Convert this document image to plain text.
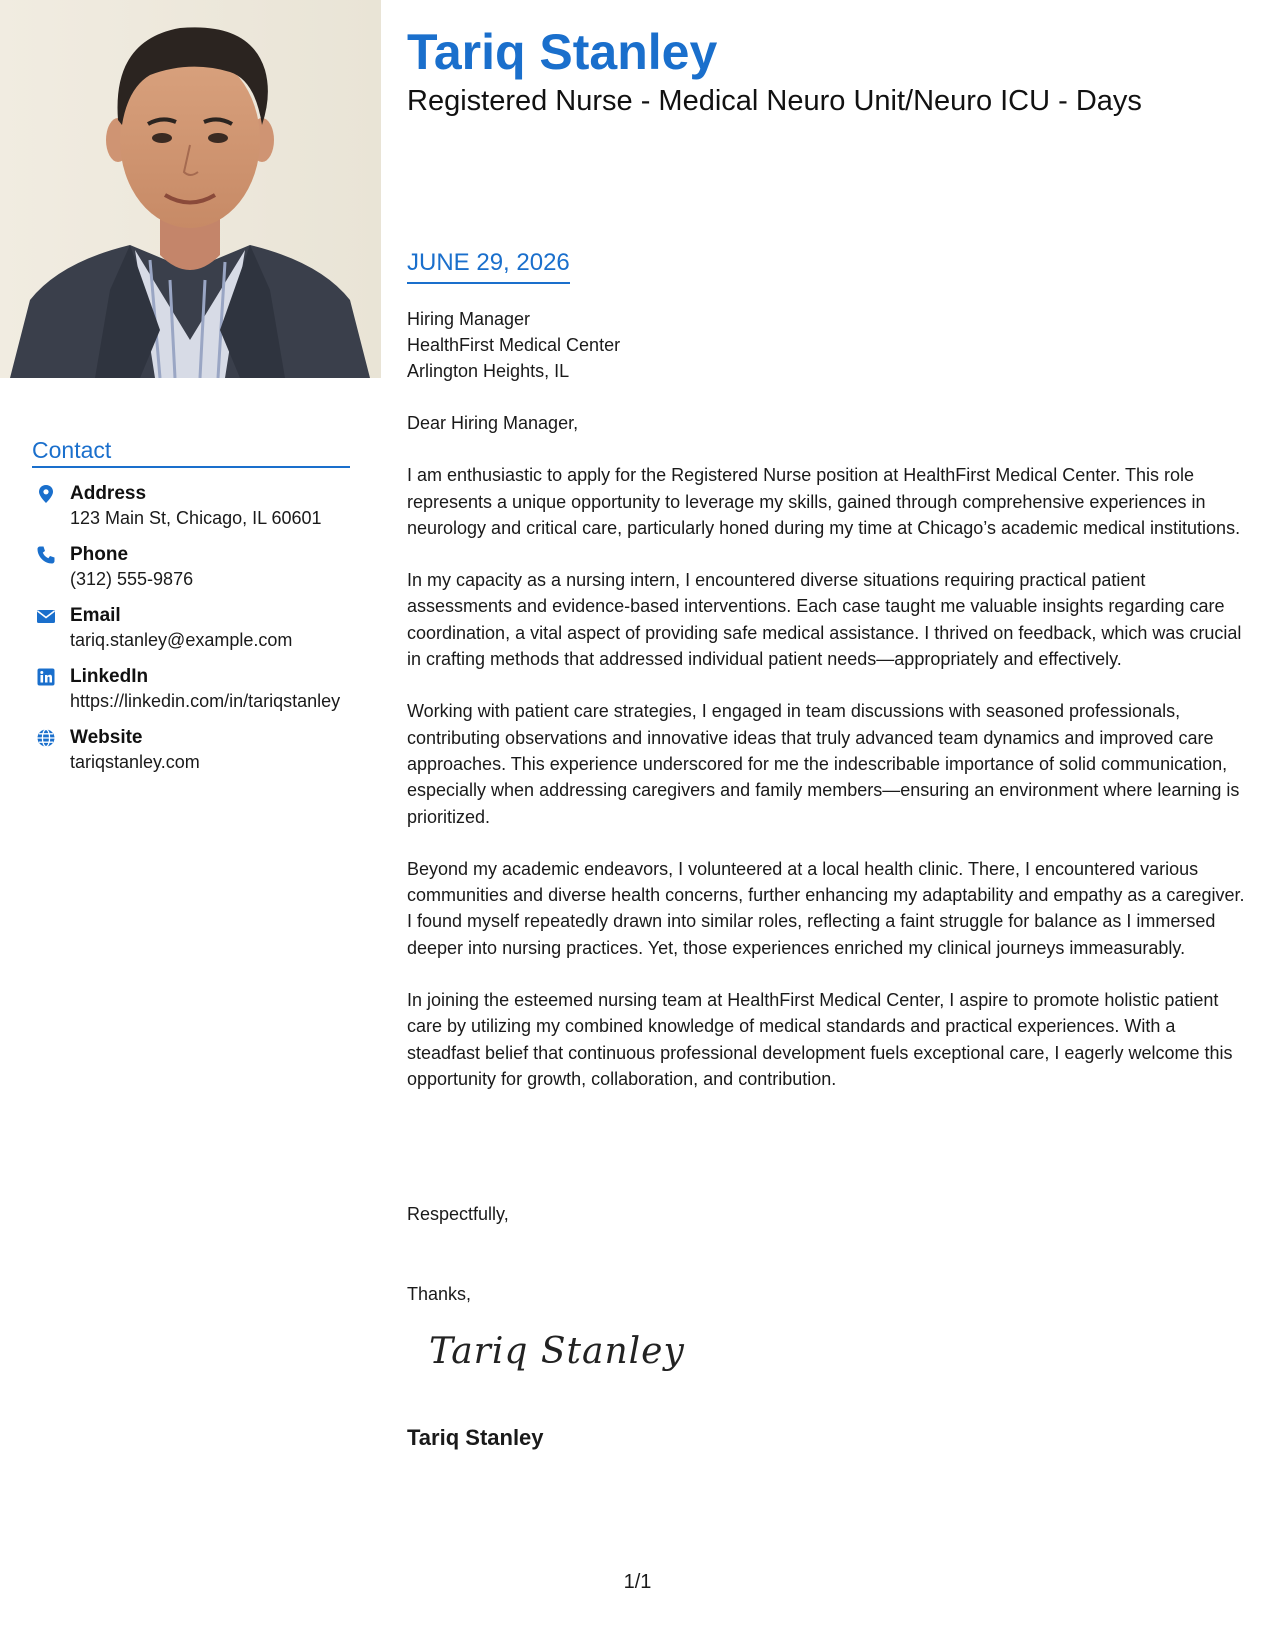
Contact
Address
123 Main St, Chicago, IL 60601
Phone
(312) 555-9876
Email
tariq.stanley@example.com
LinkedIn
https://linkedin.com/in/tariqstanley
Website
tariqstanley.com
Tariq Stanley
Registered Nurse - Medical Neuro Unit/Neuro ICU - Days
JUNE 29, 2026
Hiring Manager
HealthFirst Medical Center
Arlington Heights, IL

Dear Hiring Manager,

I am enthusiastic to apply for the Registered Nurse position at HealthFirst Medical Center. This role represents a unique opportunity to leverage my skills, gained through comprehensive experiences in neurology and critical care, particularly honed during my time at Chicago’s academic medical institutions.

In my capacity as a nursing intern, I encountered diverse situations requiring practical patient assessments and evidence-based interventions. Each case taught me valuable insights regarding care coordination, a vital aspect of providing safe medical assistance. I thrived on feedback, which was crucial in crafting methods that addressed individual patient needs—appropriately and effectively.

Working with patient care strategies, I engaged in team discussions with seasoned professionals, contributing observations and innovative ideas that truly advanced team dynamics and improved care approaches. This experience underscored for me the indescribable importance of solid communication, especially when addressing caregivers and family members—ensuring an environment where learning is prioritized.

Beyond my academic endeavors, I volunteered at a local health clinic. There, I encountered various communities and diverse health concerns, further enhancing my adaptability and empathy as a caregiver. I found myself repeatedly drawn into similar roles, reflecting a faint struggle for balance as I immersed deeper into nursing practices. Yet, those experiences enriched my clinical journeys immeasurably.

In joining the esteemed nursing team at HealthFirst Medical Center, I aspire to promote holistic patient care by utilizing my combined knowledge of medical standards and practical experiences. With a steadfast belief that continuous professional development fuels exceptional care, I eagerly welcome this opportunity for growth, collaboration, and contribution.

Respectfully,
Thanks,
Tariq Stanley
Tariq Stanley
1/1
